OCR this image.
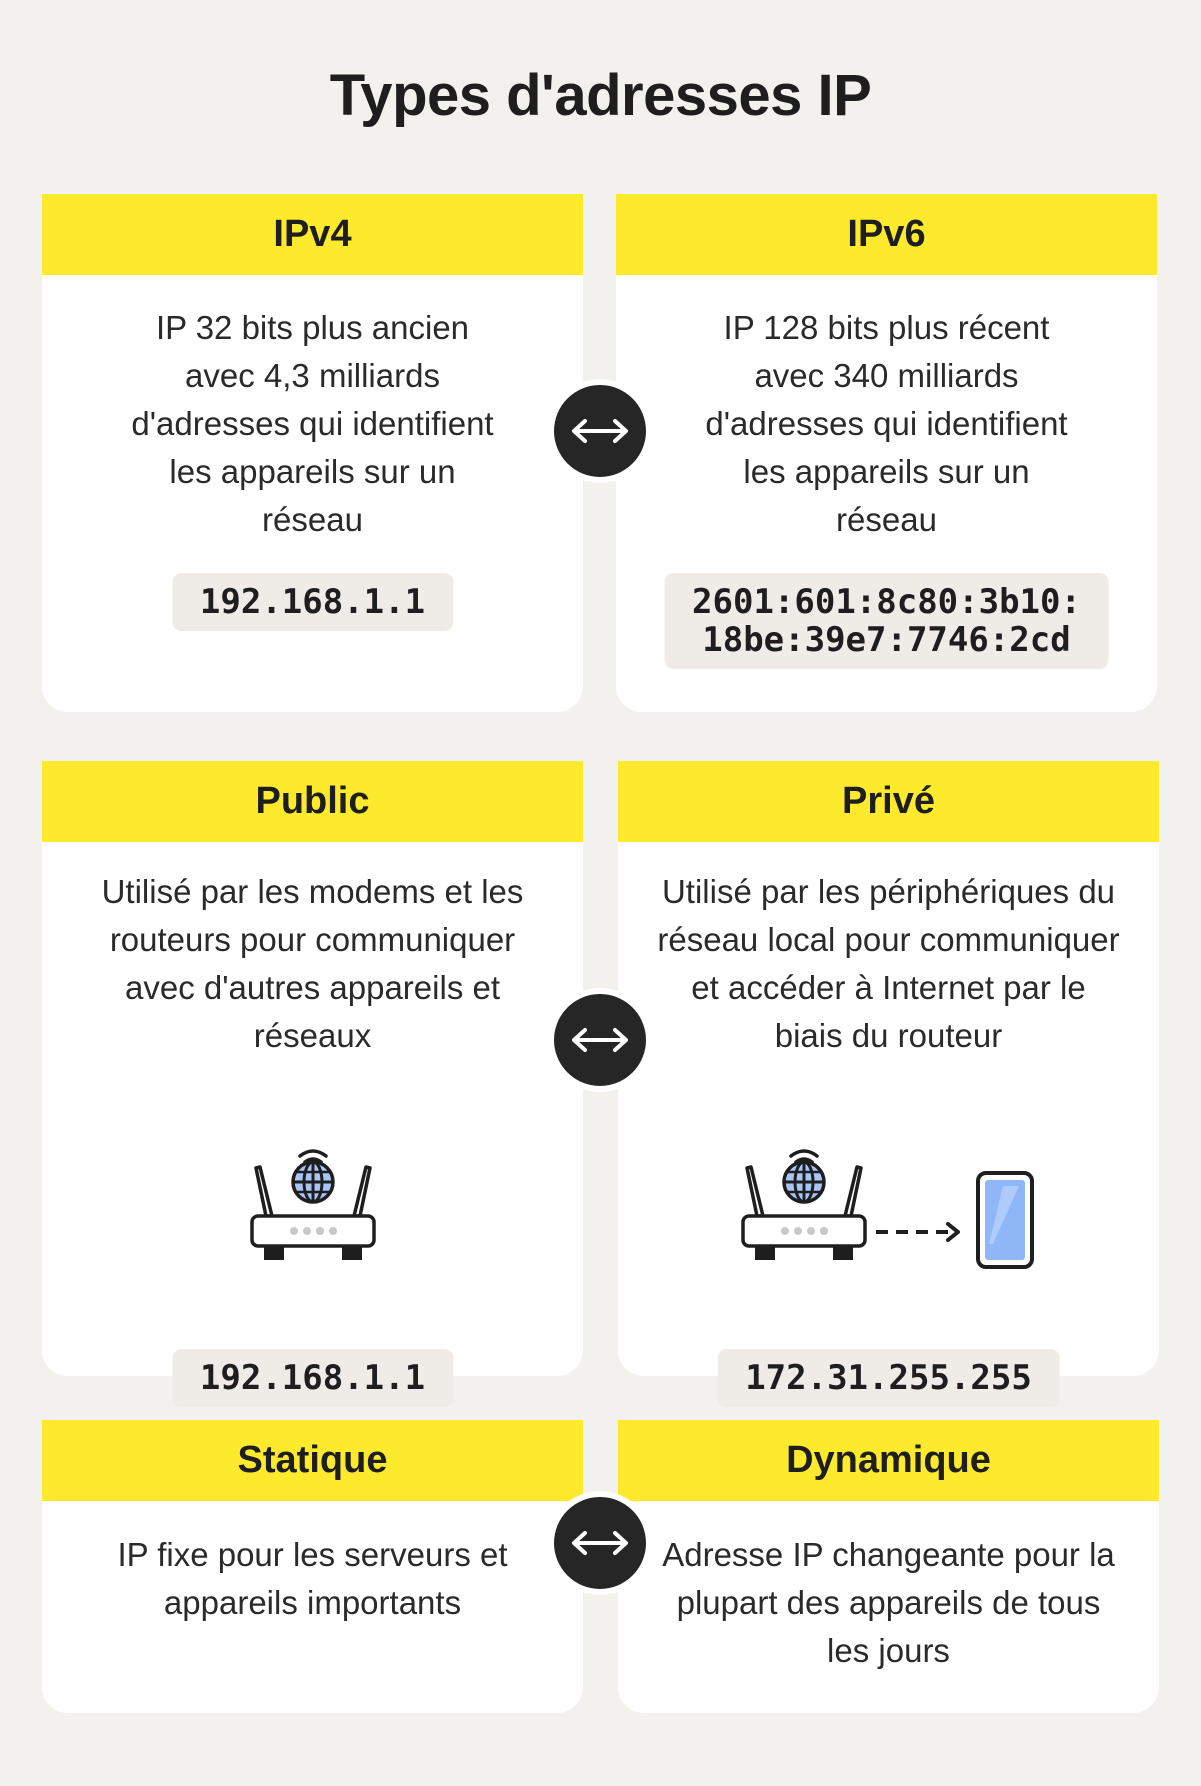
Types d'adresses IP
IPv4

IP 32 bits plus ancien avec 4,3 milliards d'adresses qui identifient les appareils sur un réseau

192.168.1.1
IPv6

IP 128 bits plus récent avec 340 milliards d'adresses qui identifient les appareils sur un réseau

2601:601:8c80:3b10:
18be:39e7:7746:2cd
Public

Utilisé par les modems et les routeurs pour communiquer avec d'autres appareils et réseaux

192.168.1.1
Privé

Utilisé par les périphériques du réseau local pour communiquer et accéder à Internet par le biais du routeur

172.31.255.255
Statique

IP fixe pour les serveurs et appareils importants

Dynamique

Adresse IP changeante pour la plupart des appareils de tous les jours
